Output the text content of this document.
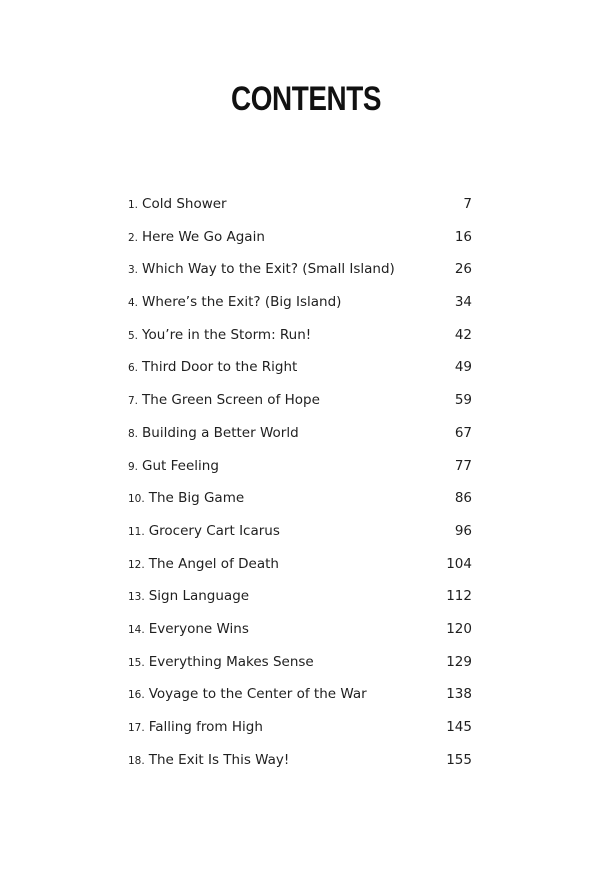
CONTENTS
1. Cold Shower	7
2. Here We Go Again	16
3. Which Way to the Exit? (Small Island)	26
4. Where’s the Exit? (Big Island)	34
5. You’re in the Storm: Run!	42
6. Third Door to the Right	49
7. The Green Screen of Hope	59
8. Building a Better World	67
9. Gut Feeling	77
10. The Big Game	86
11. Grocery Cart Icarus	96
12. The Angel of Death	104
13. Sign Language	112
14. Everyone Wins	120
15. Everything Makes Sense	129
16. Voyage to the Center of the War	138
17. Falling from High	145
18. The Exit Is This Way!	155
